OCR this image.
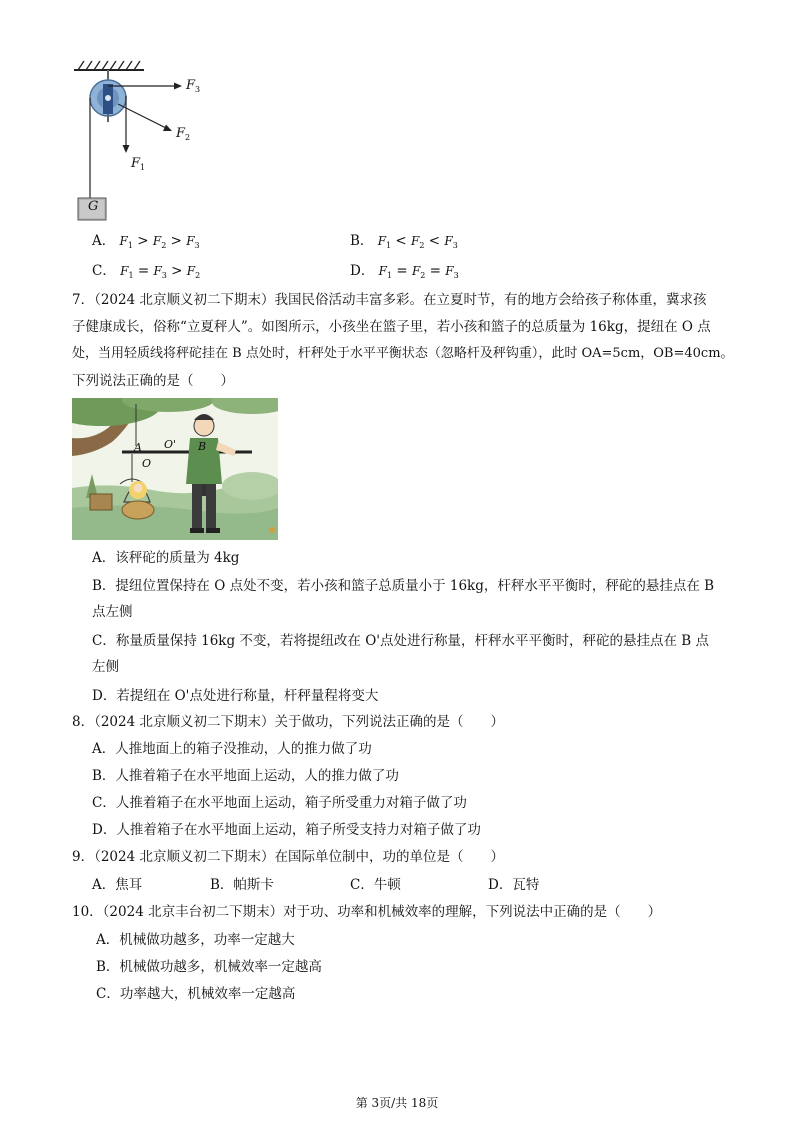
$F_3$
$F_2$
$F_1$
G
A． $F_1 > F_2 > F_3$	B． $F_1 < F_2 < F_3$
C． $F_1 = F_3 > F_2$	D． $F_1 = F_2 = F_3$
7．（2024 北京顺义初二下期末）我国民俗活动丰富多彩。在立夏时节，有的地方会给孩子称体重，冀求孩
子健康成长，俗称“立夏秤人”。如图所示，小孩坐在篮子里，若小孩和篮子的总质量为 16kg，提纽在 O 点
处，当用轻质线将秤砣挂在 B 点处时，杆秤处于水平平衡状态（忽略杆及秤钩重），此时 OA=5cm，OB=40cm。
下列说法正确的是（　　）
A O' B
O
A．该秤砣的质量为 4kg
B．提纽位置保持在 O 点处不变，若小孩和篮子总质量小于 16kg，杆秤水平平衡时，秤砣的悬挂点在 B
点左侧
C．称量质量保持 16kg 不变，若将提纽改在 O'点处进行称量，杆秤水平平衡时，秤砣的悬挂点在 B 点
左侧
D．若提纽在 O'点处进行称量，杆秤量程将变大
8．（2024 北京顺义初二下期末）关于做功，下列说法正确的是（　　）
A．人推地面上的箱子没推动，人的推力做了功
B．人推着箱子在水平地面上运动，人的推力做了功
C．人推着箱子在水平地面上运动，箱子所受重力对箱子做了功
D．人推着箱子在水平地面上运动，箱子所受支持力对箱子做了功
9．（2024 北京顺义初二下期末）在国际单位制中，功的单位是（　　）
A．焦耳	B．帕斯卡	C．牛顿	D．瓦特
10．（2024 北京丰台初二下期末）对于功、功率和机械效率的理解，下列说法中正确的是（　　）
A．机械做功越多，功率一定越大
B．机械做功越多，机械效率一定越高
C．功率越大，机械效率一定越高
第 3页/共 18页
